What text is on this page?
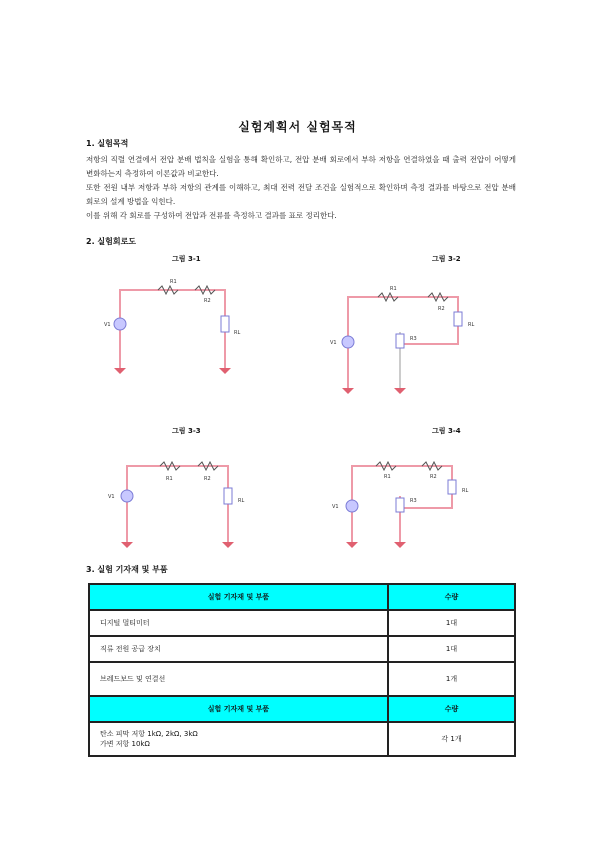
실험계획서 실험목적
1. 실험목적

저항의 직렬 연결에서 전압 분배 법칙을 실험을 통해 확인하고, 전압 분배 회로에서 부하 저항을 연결하였을 때 출력 전압이 어떻게 변화하는지 측정하여 이론값과 비교한다.

또한 전원 내부 저항과 부하 저항의 관계를 이해하고, 최대 전력 전달 조건을 실험적으로 확인하며 측정 결과를 바탕으로 전압 분배 회로의 설계 방법을 익힌다.

이를 위해 각 회로를 구성하여 전압과 전류를 측정하고 결과를 표로 정리한다.

2. 실험회로도
그림 3-1	그림 3-2
그림 3-3	그림 3-4
V1
R1
R2
RL
V1
R1
R2
R3
RL
V1
R1	R2
RL
V1
R1	R2
R3
RL
3. 실험 기자재 및 부품
실험 기자재 및 부품	수량
디지털 멀티미터	1대
직류 전원 공급 장치	1대
브레드보드 및 연결선	1개
실험 기자재 및 부품	수량

탄소 피막 저항 1kΩ, 2kΩ, 3kΩ
가변 저항 10kΩ	각 1개
